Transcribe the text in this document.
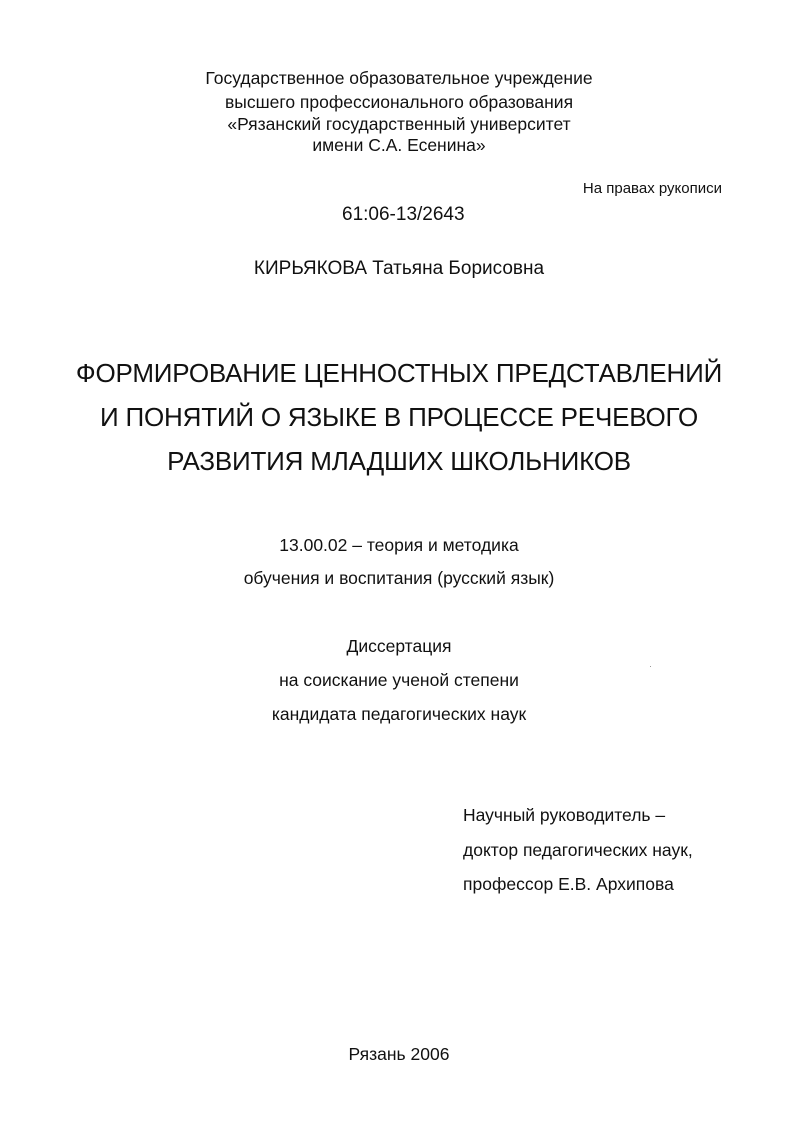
Государственное образовательное учреждение
высшего профессионального образования
«Рязанский государственный университет
имени С.А. Есенина»
На правах рукописи
61:06-13/2643
КИРЬЯКОВА Татьяна Борисовна
ФОРМИРОВАНИЕ ЦЕННОСТНЫХ ПРЕДСТАВЛЕНИЙ
И ПОНЯТИЙ О ЯЗЫКЕ В ПРОЦЕССЕ РЕЧЕВОГО
РАЗВИТИЯ МЛАДШИХ ШКОЛЬНИКОВ
13.00.02 – теория и методика
обучения и воспитания (русский язык)
Диссертация
на соискание ученой степени
кандидата педагогических наук
Научный руководитель –
доктор педагогических наук,
профессор Е.В. Архипова
Рязань 2006
